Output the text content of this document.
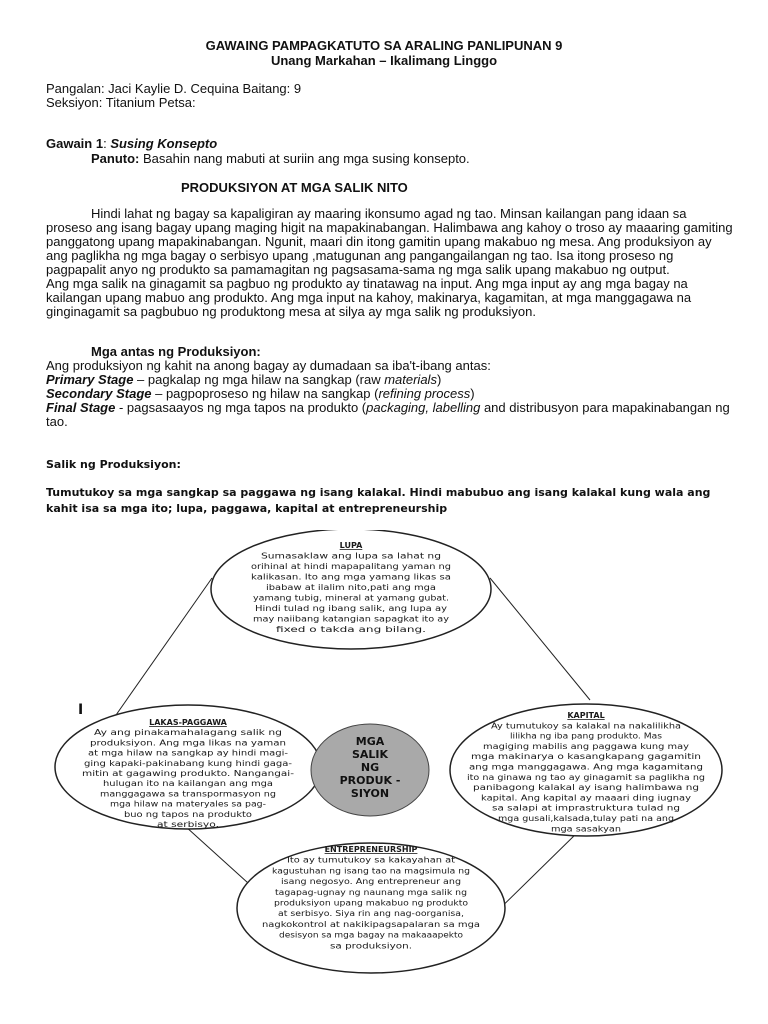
GAWAING PAMPAGKATUTO SA ARALING PANLIPUNAN 9
Unang Markahan – Ikalimang Linggo
Pangalan: Jaci Kaylie D. Cequina Baitang: 9
Seksiyon: Titanium Petsa:
Gawain 1: Susing Konsepto
Panuto: Basahin nang mabuti at suriin ang mga susing konsepto.
PRODUKSIYON AT MGA SALIK NITO

Hindi lahat ng bagay sa kapaligiran ay maaring ikonsumo agad ng tao. Minsan kailangan pang idaan sa proseso ang isang bagay upang maging higit na mapakinabangan. Halimbawa ang kahoy o troso ay maaaring gamiting panggatong upang mapakinabangan. Ngunit, maari din itong gamitin upang makabuo ng mesa. Ang produksiyon ay ang paglikha ng mga bagay o serbisyo upang ,matugunan ang pangangailangan ng tao. Isa itong proseso ng pagpapalit anyo ng produkto sa pamamagitan ng pagsasama-sama ng mga salik upang makabuo ng output.

Ang mga salik na ginagamit sa pagbuo ng produkto ay tinatawag na input. Ang mga input ay ang mga bagay na kailangan upang mabuo ang produkto. Ang mga input na kahoy, makinarya, kagamitan, at mga manggagawa na ginginagamit sa pagbubuo ng produktong mesa at silya ay mga salik ng produksiyon.

Mga antas ng Produksiyon:

Ang produksiyon ng kahit na anong bagay ay dumadaan sa iba't-ibang antas:

Primary Stage – pagkalap ng mga hilaw na sangkap (raw materials)

Secondary Stage – pagpoproseso ng hilaw na sangkap (refining process)

Final Stage - pagsasaayos ng mga tapos na produkto (packaging, labelling and distribusyon para mapakinabangan ng tao.

Salik ng Produksiyon:
Tumutukoy sa mga sangkap sa paggawa ng isang kalakal. Hindi mabubuo ang isang kalakal kung wala ang kahit isa sa mga ito; lupa, paggawa, kapital at entrepreneurship
MGA
SALIK
NG
PRODUK -
SIYON
I
LUPA
Sumasaklaw ang lupa sa lahat ng
orihinal at hindi mapapalitang yaman ng
kalikasan. Ito ang mga yamang likas sa
ibabaw at ilalim nito,pati ang mga
yamang tubig, mineral at yamang gubat.
Hindi tulad ng ibang salik, ang lupa ay
may naiibang katangian sapagkat ito ay
fixed o takda ang bilang.
LAKAS-PAGGAWA
Ay ang pinakamahalagang salik ng
produksiyon. Ang mga likas na yaman
at mga hilaw na sangkap ay hindi magi-
ging kapaki-pakinabang kung hindi gaga-
mitin at gagawing produkto. Nangangai-
hulugan ito na kailangan ang mga
manggagawa sa transpormasyon ng
mga hilaw na materyales sa pag-
buo ng tapos na produkto
at serbisyo.
KAPITAL
Ay tumutukoy sa kalakal na nakalilikha
lilikha ng iba pang produkto. Mas
magiging mabilis ang paggawa kung may
mga makinarya o kasangkapang gagamitin
ang mga manggagawa. Ang mga kagamitang
ito na ginawa ng tao ay ginagamit sa paglikha ng
panibagong kalakal ay isang halimbawa ng
kapital. Ang kapital ay maaari ding iugnay
sa salapi at imprastruktura tulad ng
mga gusali,kalsada,tulay pati na ang
mga sasakyan
ENTREPRENEURSHIP
Ito ay tumutukoy sa kakayahan at
kagustuhan ng isang tao na magsimula ng
isang negosyo. Ang entrepreneur ang
tagapag-ugnay ng naunang mga salik ng
produksiyon upang makabuo ng produkto
at serbisyo. Siya rin ang nag-oorganisa,
nagkokontrol at nakikipagsapalaran sa mga
desisyon sa mga bagay na makaaapekto
sa produksiyon.
